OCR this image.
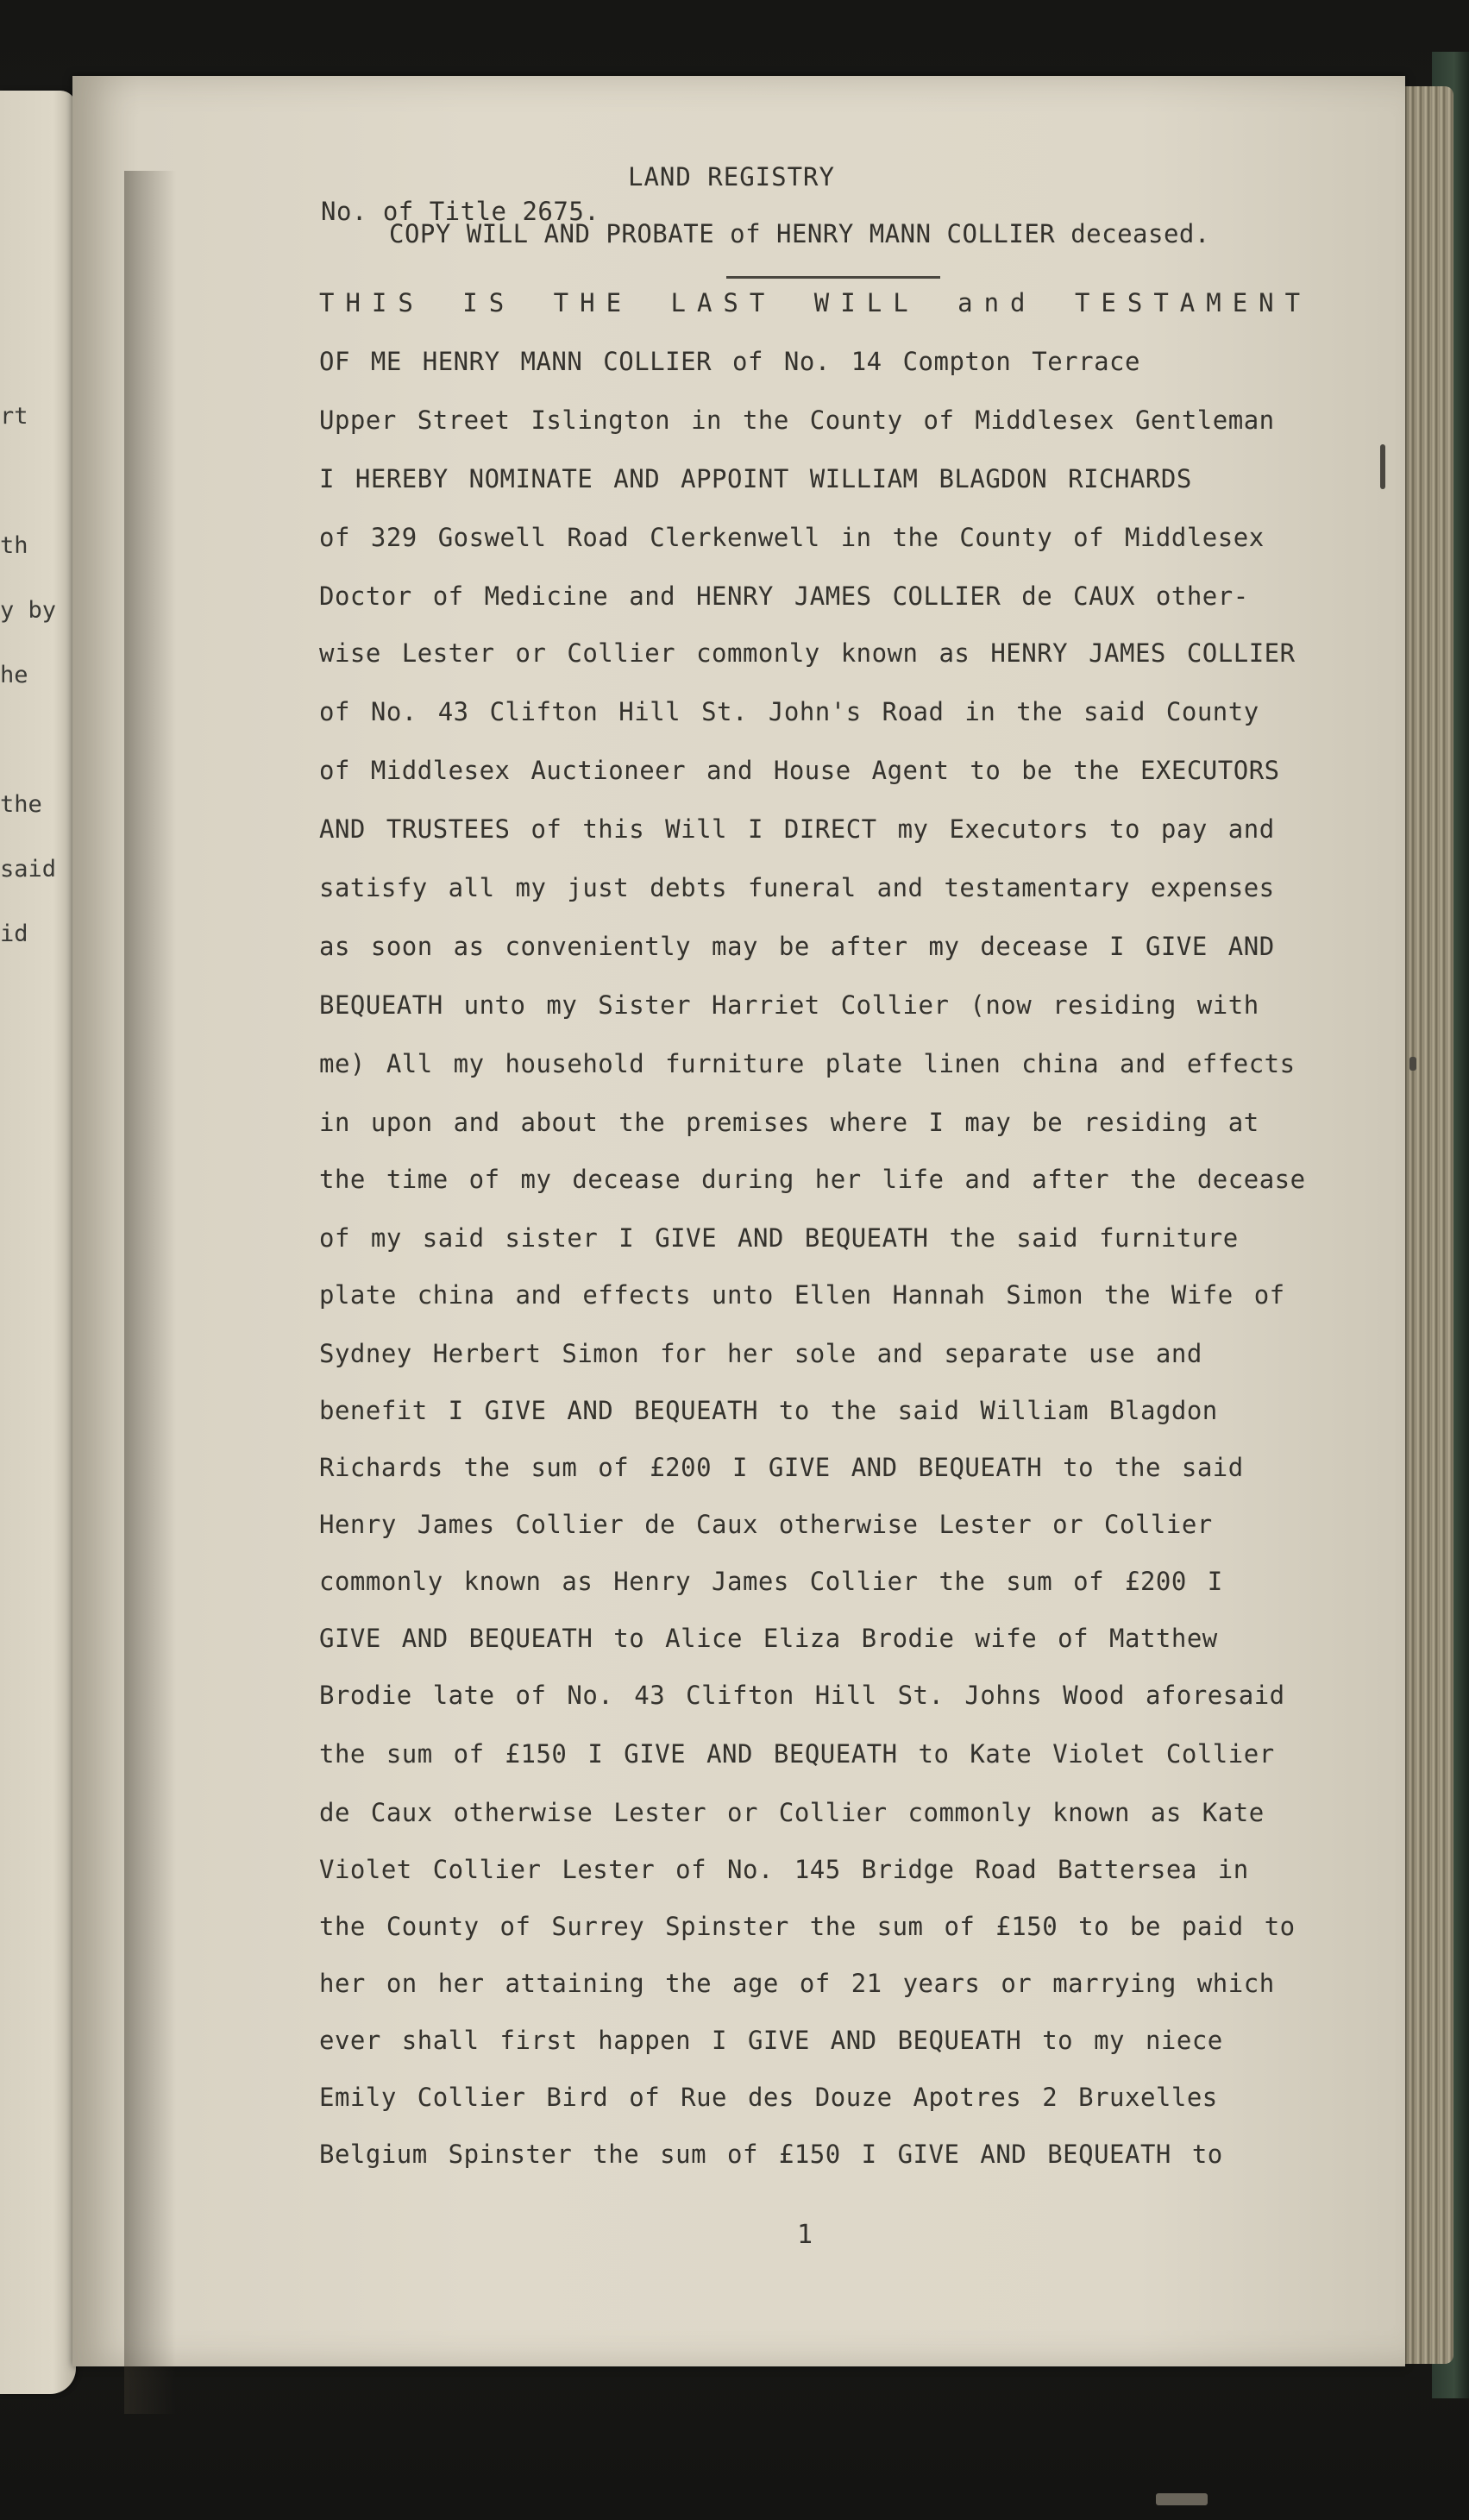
rt
th
y by
he
the
said
id
LAND REGISTRY
No. of Title 2675.
COPY WILL AND PROBATE of HENRY MANN COLLIER deceased.
THIS IS THE LAST WILL and TESTAMENT
OF ME HENRY MANN COLLIER of No. 14 Compton Terrace
Upper Street Islington in the County of Middlesex Gentleman
I HEREBY NOMINATE AND APPOINT WILLIAM BLAGDON RICHARDS
of 329 Goswell Road Clerkenwell in the County of Middlesex
Doctor of Medicine and HENRY JAMES COLLIER de CAUX other-
wise Lester or Collier commonly known as HENRY JAMES COLLIER
of No. 43 Clifton Hill St. John's Road in the said County
of Middlesex Auctioneer and House Agent to be the EXECUTORS
AND TRUSTEES of this Will I DIRECT my Executors to pay and
satisfy all my just debts funeral and testamentary expenses
as soon as conveniently may be after my decease I GIVE AND
BEQUEATH unto my Sister Harriet Collier (now residing with
me) All my household furniture plate linen china and effects
in upon and about the premises where I may be residing at
the time of my decease during her life and after the decease
of my said sister I GIVE AND BEQUEATH the said furniture
plate china and effects unto Ellen Hannah Simon the Wife of
Sydney Herbert Simon for her sole and separate use and
benefit I GIVE AND BEQUEATH to the said William Blagdon
Richards the sum of £200 I GIVE AND BEQUEATH to the said
Henry James Collier de Caux otherwise Lester or Collier
commonly known as Henry James Collier the sum of £200 I
GIVE AND BEQUEATH to Alice Eliza Brodie wife of Matthew
Brodie late of No. 43 Clifton Hill St. Johns Wood aforesaid
the sum of £150 I GIVE AND BEQUEATH to Kate Violet Collier
de Caux otherwise Lester or Collier commonly known as Kate
Violet Collier Lester of No. 145 Bridge Road Battersea in
the County of Surrey Spinster the sum of £150 to be paid to
her on her attaining the age of 21 years or marrying which
ever shall first happen I GIVE AND BEQUEATH to my niece
Emily Collier Bird of Rue des Douze Apotres 2 Bruxelles
Belgium Spinster the sum of £150 I GIVE AND BEQUEATH to
1
